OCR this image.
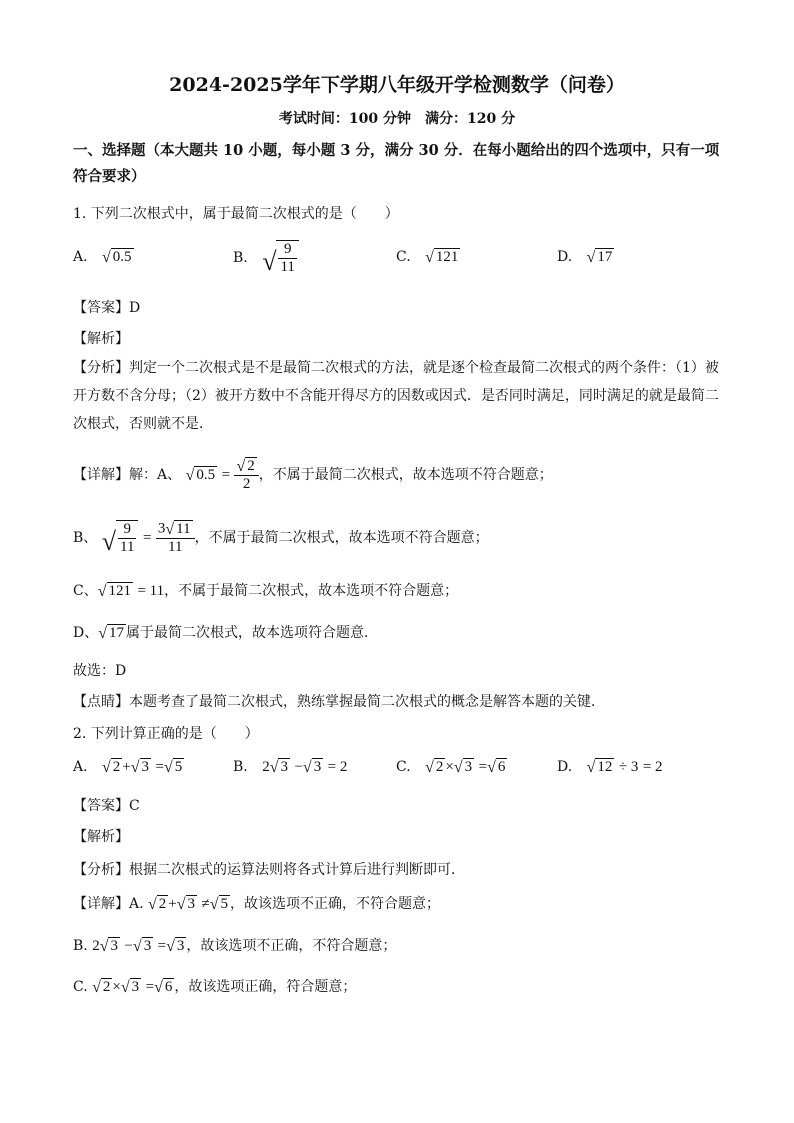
2024-2025学年下学期八年级开学检测数学（问卷）
考试时间：100 分钟　满分：120 分
一、选择题（本大题共 10 小题，每小题 3 分，满分 30 分．在每小题给出的四个选项中，只有一项符合要求）
1. 下列二次根式中，属于最简二次根式的是（　　）
A. √ 0.5	B. √ $\frac{9}{11}$	C. √ 121	D. √ 17
【答案】D
【解析】
【分析】判定一个二次根式是不是最简二次根式的方法，就是逐个检查最简二次根式的两个条件：（1）被开方数不含分母；（2）被开方数中不含能开得尽方的因数或因式．是否同时满足，同时满足的就是最简二次根式，否则就不是．
【详解】解：A、 √ $0.5 = \frac{√ 2}{2}$ ，不属于最简二次根式，故本选项不符合题意；
B、 √ $\frac{9}{11} = \frac{3 √ 11}{11}$ ，不属于最简二次根式，故本选项不符合题意；
C、 √ 121 = 11，不属于最简二次根式，故本选项不符合题意；
D、 √ 17 属于最简二次根式，故本选项符合题意．
故选：D
【点睛】本题考查了最简二次根式，熟练掌握最简二次根式的概念是解答本题的关键．
2. 下列计算正确的是（　　）
A. √ 2 + √ 3 = √ 5	B. 2 √ 3 − √ 3 = 2	C. √ 2 × √ 3 = √ 6	D. √ 12 ÷ 3 = 2
【答案】C
【解析】
【分析】根据二次根式的运算法则将各式计算后进行判断即可．
【详解】A. √ 2 + √ 3 ≠ √ 5 ，故该选项不正确，不符合题意；
B. 2 √ 3 − √ 3 = √ 3 ，故该选项不正确，不符合题意；
C. √ 2 × √ 3 = √ 6 ，故该选项正确，符合题意；
